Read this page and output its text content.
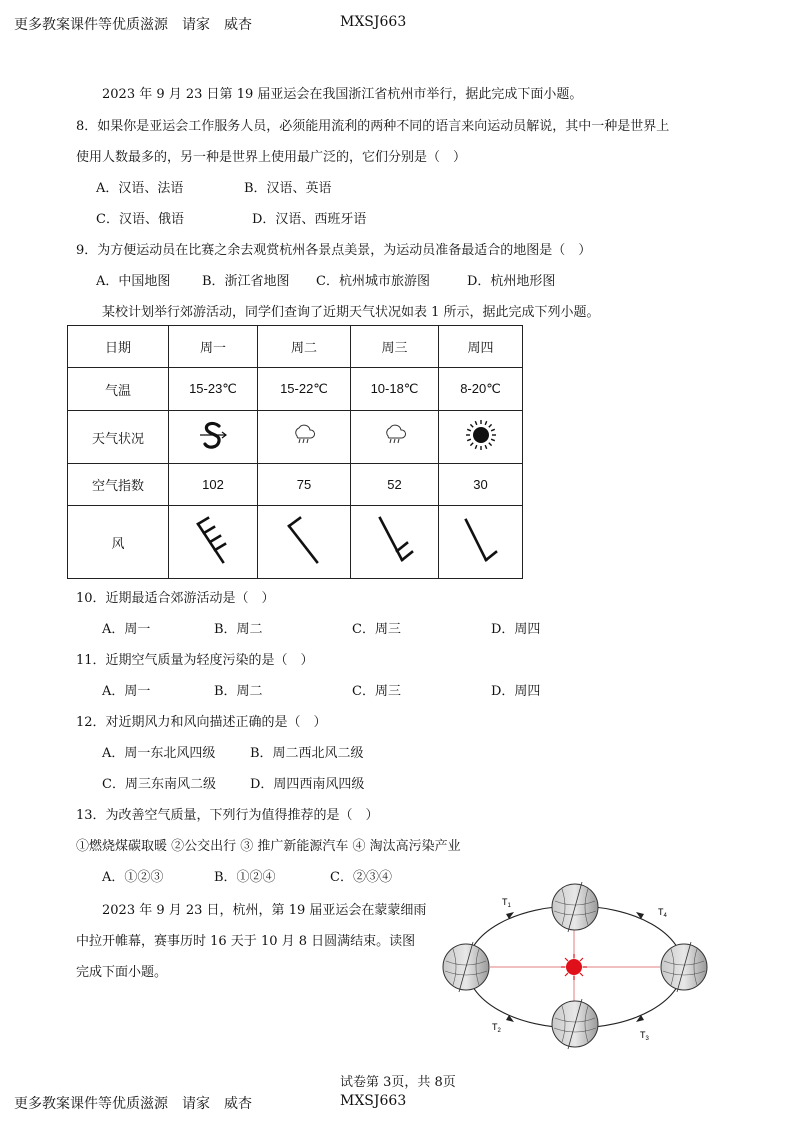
更多教案课件等优质滋源　请家　威杏	MXSJ663
2023 年 9 月 23 日第 19 届亚运会在我国浙江省杭州市举行，据此完成下面小题。
8．如果你是亚运会工作服务人员，必须能用流利的两种不同的语言来向运动员解说，其中一种是世界上
使用人数最多的，另一种是世界上使用最广泛的，它们分别是（　）
A．汉语、法语	B．汉语、英语
C．汉语、俄语	D．汉语、西班牙语
9．为方便运动员在比赛之余去观赏杭州各景点美景，为运动员准备最适合的地图是（　）
A．中国地图 B．浙江省地图 C．杭州城市旅游图	D．杭州地形图
某校计划举行郊游活动，同学们查询了近期天气状况如表 1 所示，据此完成下列小题。
日期	周一	周二	周三	周四
气温	15-23℃	15-22℃	10-18℃	8-20℃
天气状况				
空气指数	102	75	52	30
风				
10．近期最适合郊游活动是（　）
A．周一	B．周二	C．周三	D．周四
11．近期空气质量为轻度污染的是（　）
A．周一	B．周二	C．周三	D．周四
12．对近期风力和风向描述正确的是（　）
A．周一东北风四级	B．周二西北风二级
C．周三东南风二级	D．周四西南风四级
13．为改善空气质量，下列行为值得推荐的是（　）
①燃烧煤碳取暖 ②公交出行 ③ 推广新能源汽车 ④ 淘汰高污染产业
A．①②③	B．①②④	C．②③④
2023 年 9 月 23 日，杭州，第 19 届亚运会在蒙蒙细雨
中拉开帷幕，赛事历时 16 天于 10 月 8 日圆满结束。读图
完成下面小题。
$T_1$
$T_4$
$T_2$	$T_3$
试卷第 3页，共 8页
更多教案课件等优质滋源　请家　威杏	MXSJ663
